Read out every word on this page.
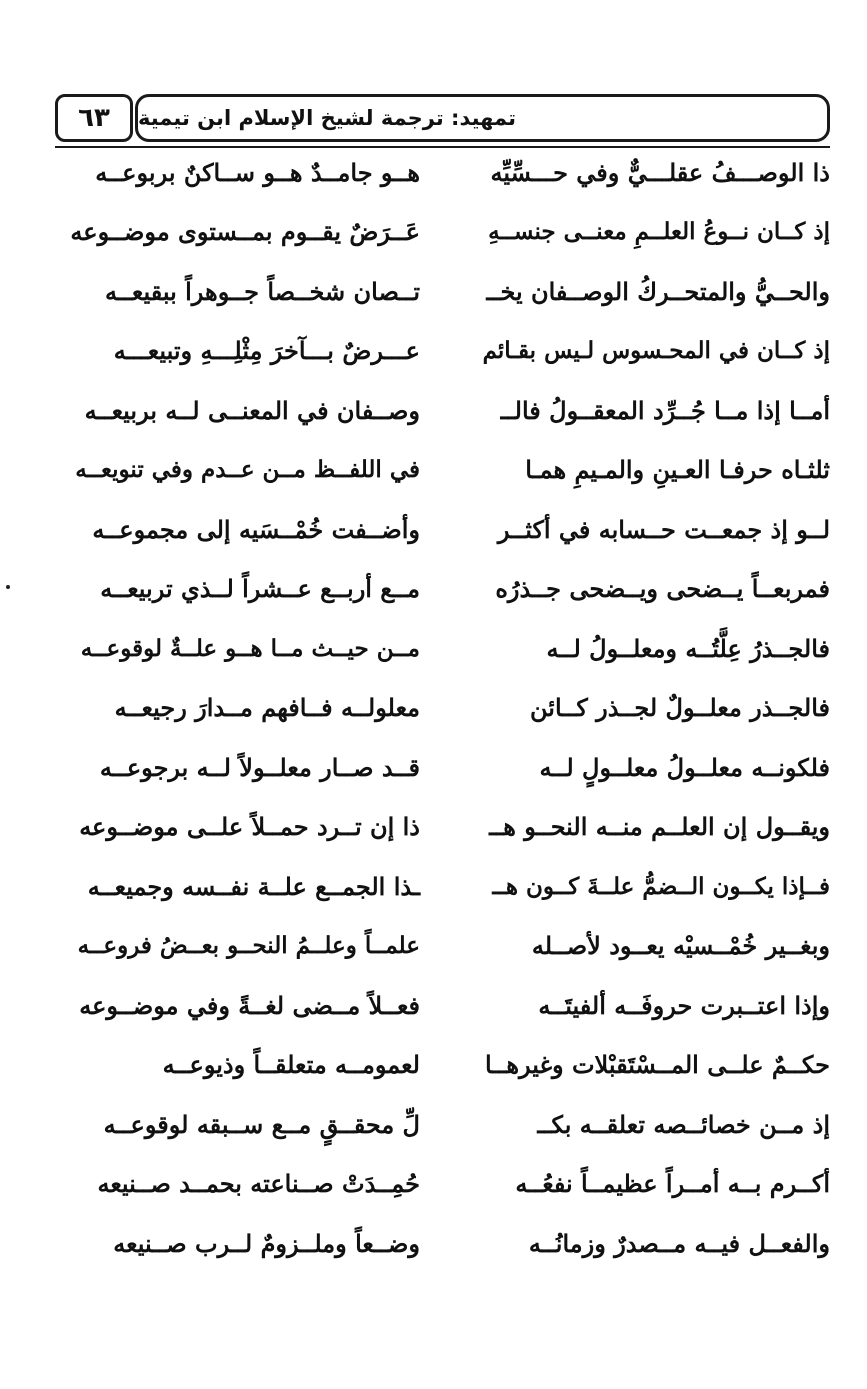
٦٣ تمهيد: ترجمة لشيخ الإسلام ابن تيمية
ذا الوصـــفُ عقلـــيٌّ وفي حـــسِّيِّه
هــو جامــدٌ هــو ســاكنٌ بربوعــه
إذ كــان نــوعُ العلــمِ معنــى جنســهِ
عَــرَضٌ يقــوم بمــستوى موضــوعه
والحــيُّ والمتحــركُ الوصــفان يخــ
تــصان شخــصاً جــوهراً ببقيعــه
إذ كــان في المحـسوس لـيس بقـائم
عـــرضٌ بـــآخرَ مِثْلِـــهِ وتبيعـــه
أمــا إذا مــا جُــرِّد المعقــولُ فالــ
وصــفان في المعنــى لــه بربيعــه
ثلثـاه حرفـا العـينِ والمـيمِ همـا
في اللفــظ مــن عــدم وفي تنويعــه
لــو إذ جمعــت حــسابه في أكثــر
وأضــفت خُمْــسَيه إلى مجموعــه
فمربعــاً يــضحى ويــضحى جــذرُه
مــع أربــع عــشراً لــذي تربيعــه
فالجــذرُ عِلَّتُــه ومعلــولُ لــه
مــن حيــث مــا هــو علــةٌ لوقوعــه
فالجــذر معلــولٌ لجــذر كــائن
معلولــه فــافهم مــدارَ رجيعــه
فلكونــه معلــولُ معلــولٍ لــه
قــد صــار معلــولاً لــه برجوعــه
ويقــول إن العلــم منــه النحــو هــ
ذا إن تــرد حمــلاً علــى موضــوعه
فــإذا يكــون الــضمُّ علــةَ كــون هــ
ـذا الجمــع علــة نفــسه وجميعــه
وبغــير خُمْــسيْه يعــود لأصــله
علمــاً وعلــمُ النحــو بعــضُ فروعــه
وإذا اعتــبرت حروفَــه ألفيتَــه
فعــلاً مــضى لغــةً وفي موضــوعه
حكــمٌ علــى المــسْتَقبْلات وغيرهــا
لعمومــه متعلقــاً وذيوعــه
إذ مــن خصائــصه تعلقــه بكــ
لِّ محقــقٍ مــع ســبقه لوقوعــه
أكــرم بــه أمــراً عظيمــاً نفعُــه
حُمِــدَتْ صــناعته بحمــد صــنيعه
والفعــل فيــه مــصدرٌ وزمانُــه
وضــعاً وملــزومٌ لــرب صــنيعه
